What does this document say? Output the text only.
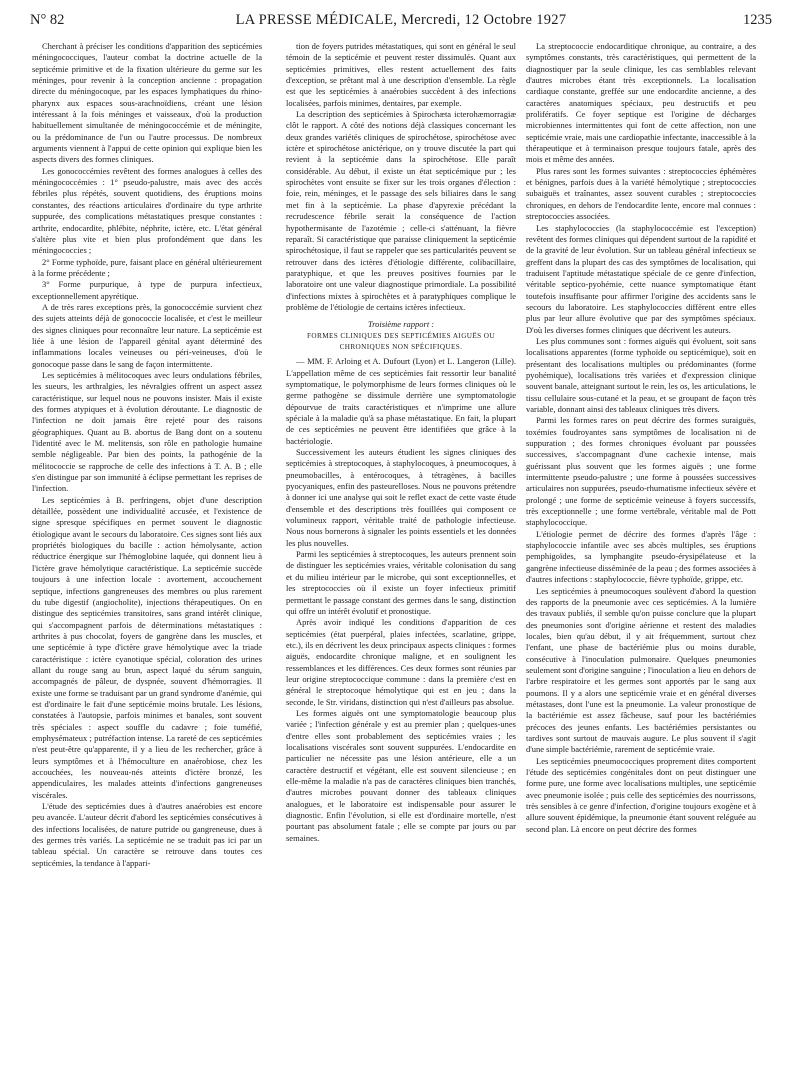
N° 82	LA PRESSE MÉDICALE, Mercredi, 12 Octobre 1927	1235

Cherchant à préciser les conditions d'apparition des septicémies méningococciques, l'auteur combat la doctrine actuelle de la septicémie primitive et de la fixation ultérieure du germe sur les méninges, pour revenir à la conception ancienne : propagation directe du méningocoque, par les espaces lymphatiques du rhino-pharynx aux espaces sous-arachnoïdiens, créant une lésion intéressant à la fois méninges et vaisseaux, d'où la production habituellement simultanée de méningococcémie et de méningite, ou la prédominance de l'un ou l'autre processus. De nombreux arguments viennent à l'appui de cette opinion qui explique bien les aspects divers des formes cliniques.

Les gonococcémies revêtent des formes analogues à celles des méningococcémies : 1° pseudo-palustre, mais avec des accès fébriles plus répétés, souvent quotidiens, des éruptions moins constantes, des réactions articulaires d'ordinaire du type arthrite suppurée, des complications métastatiques presque constantes : arthrite, endocardite, phlébite, néphrite, ictère, etc. L'état général s'altère plus vite et bien plus profondément que dans les méningococcies ;

2° Forme typhoïde, pure, faisant place en général ultérieurement à la forme précédente ;

3° Forme purpurique, à type de purpura infectieux, exceptionnellement apyrétique.

A de très rares exceptions près, la gonococcémie survient chez des sujets atteints déjà de gonococcie localisée, et c'est le meilleur des signes cliniques pour reconnaître leur nature. La septicémie est liée à une lésion de l'appareil génital ayant déterminé des inflammations locales veineuses ou péri-veineuses, d'où le gonocoque passe dans le sang de façon intermittente.

Les septicémies à mélitocoques avec leurs ondulations fébriles, les sueurs, les arthralgies, les névralgies offrent un aspect assez caractéristique, sur lequel nous ne pouvons insister. Mais il existe des formes atypiques et à évolution déroutante. Le diagnostic de l'infection ne doit jamais être rejeté pour des raisons géographiques. Quant au B. abortus de Bang dont on a soutenu l'identité avec le M. melitensis, son rôle en pathologie humaine semble négligeable. Par bien des points, la pathogénie de la mélitococcie se rapproche de celle des infections à T. A. B ; elle s'en distingue par son immunité à éclipse permettant les reprises de l'infection.

Les septicémies à B. perfringens, objet d'une description détaillée, possèdent une individualité accusée, et l'existence de signe spresque spécifiques en permet souvent le diagnostic étiologique avant le secours du laboratoire. Ces signes sont liés aux propriétés biologiques du bacille : action hémolysante, action réductrice énergique sur l'hémoglobine laquée, qui donnent lieu à l'ictère grave hémolytique caractéristique. La septicémie succède toujours à une infection locale : avortement, accouchement septique, infections gangreneuses des membres ou plus rarement du tube digestif (angiocholite), injections thérapeutiques. On en distingue des septicémies transitoires, sans grand intérêt clinique, qui s'accompagnent parfois de déterminations métastatiques : arthrites à pus chocolat, foyers de gangrène dans les muscles, et une septicémie à type d'ictère grave hémolytique avec la triade caractéristique : ictère cyanotique spécial, coloration des urines allant du rouge sang au brun, aspect laqué du sérum sanguin, accompagnés de pâleur, de dyspnée, souvent d'hémorragies. Il existe une forme se traduisant par un grand syndrome d'anémie, qui est d'ordinaire le fait d'une septicémie moins brutale. Les lésions, constatées à l'autopsie, parfois minimes et banales, sont souvent très spéciales : aspect souffle du cadavre ; foie tuméfié, emphysémateux ; putréfaction intense. La rareté de ces septicémies n'est peut-être qu'apparente, il y a lieu de les rechercher, grâce à leurs symptômes et à l'hémoculture en anaérobiose, chez les accouchées, les nouveau-nés atteints d'ictère bronzé, les appendiculaires, les malades atteints d'infections gangreneuses viscérales.

L'étude des septicémies dues à d'autres anaérobies est encore peu avancée. L'auteur décrit d'abord les septicémies consécutives à des infections localisées, de nature putride ou gangreneuse, dues à des germes très variés. La septicémie ne se traduit pas ici par un tableau spécial. Un caractère se retrouve dans toutes ces septicémies, la tendance à l'appari-

tion de foyers putrides métastatiques, qui sont en général le seul témoin de la septicémie et peuvent rester dissimulés. Quant aux septicémies primitives, elles restent actuellement des faits d'exception, se prêtant mal à une description d'ensemble. La règle est que les septicémies à anaérobies succèdent à des infections localisées, parfois minimes, dentaires, par exemple.

La description des septicémies à Spirochæta icterohæmorragiæ clôt le rapport. A côté des notions déjà classiques concernant les deux grandes variétés cliniques de spirochétose, spirochétose avec ictère et spirochétose anictérique, on y trouve discutée la part qui revient à la septicémie dans la spirochétose. Elle paraît considérable. Au début, il existe un état septicémique pur ; les spirochètes vont ensuite se fixer sur les trois organes d'élection : foie, rein, méninges, et le passage des sels biliaires dans le sang met fin à la septicémie. La phase d'apyrexie précédant la recrudescence fébrile serait la conséquence de l'action hypothermisante de l'azotémie ; celle-ci s'atténuant, la fièvre reparaît. Si caractéristique que paraisse cliniquement la septicémie spirochétosique, il faut se rappeler que ses particularités peuvent se retrouver dans des ictères d'étiologie différente, colibacillaire, paratyphique, et que les preuves positives fournies par le laboratoire ont une valeur diagnostique primordiale. La possibilité d'infections mixtes à spirochètes et à paratyphiques complique le problème de l'étiologie de certains ictères infectieux.

Troisième rapport :

FORMES CLINIQUES DES SEPTICÉMIES AIGUËS OU CHRONIQUES NON SPÉCIFIQUES.

— MM. F. Arloing et A. Dufourt (Lyon) et L. Langeron (Lille). L'appellation même de ces septicémies fait ressortir leur banalité symptomatique, le polymorphisme de leurs formes cliniques où le germe pathogène se dissimule derrière une symptomatologie dépourvue de traits caractéristiques et n'imprime une allure spéciale à la maladie qu'à sa phase métastatique. En fait, la plupart de ces septicémies ne peuvent être identifiées que grâce à la bactériologie.

Successivement les auteurs étudient les signes cliniques des septicémies à streptocoques, à staphylocoques, à pneumocoques, à pneumobacilles, à entérocoques, à tétragènes, à bacilles pyocyaniques, enfin des pasteurelloses. Nous ne pouvons prétendre à donner ici une analyse qui soit le reflet exact de cette vaste étude d'ensemble et des descriptions très fouillées qui composent ce volumineux rapport, véritable traité de pathologie infectieuse. Nous nous bornerons à signaler les points essentiels et les données les plus nouvelles.

Parmi les septicémies à streptocoques, les auteurs prennent soin de distinguer les septicémies vraies, véritable colonisation du sang et du milieu intérieur par le microbe, qui sont exceptionnelles, et les streptococcies où il existe un foyer infectieux primitif permettant le passage constant des germes dans le sang, distinction qui offre un intérêt évolutif et pronostique.

Après avoir indiqué les conditions d'apparition de ces septicémies (état puerpéral, plaies infectées, scarlatine, grippe, etc.), ils en décrivent les deux principaux aspects cliniques : formes aiguës, endocardite chronique maligne, et en soulignent les ressemblances et les différences. Ces deux formes sont réunies par leur origine streptococcique commune : dans la première c'est en général le streptocoque hémolytique qui est en jeu ; dans la seconde, le Str. viridans, distinction qui n'est d'ailleurs pas absolue.

Les formes aiguës ont une symptomatologie beaucoup plus variée ; l'infection générale y est au premier plan ; quelques-unes d'entre elles sont probablement des septicémies vraies ; les localisations viscérales sont souvent suppurées. L'endocardite en particulier ne nécessite pas une lésion antérieure, elle a un caractère destructif et végétant, elle est souvent silencieuse ; en elle-même la maladie n'a pas de caractères cliniques bien tranchés, d'autres microbes pouvant donner des tableaux cliniques analogues, et le laboratoire est indispensable pour assurer le diagnostic. Enfin l'évolution, si elle est d'ordinaire mortelle, n'est pourtant pas absolument fatale ; elle se compte par jours ou par semaines.

La streptococcie endocarditique chronique, au contraire, a des symptômes constants, très caractéristiques, qui permettent de la diagnostiquer par la seule clinique, les cas semblables relevant d'autres microbes étant très exceptionnels. La localisation cardiaque constante, greffée sur une endocardite ancienne, a des caractères anatomiques spéciaux, peu destructifs et peu prolifératifs. Ce foyer septique est l'origine de décharges microbiennes intermittentes qui font de cette affection, non une septicémie vraie, mais une cardiopathie infectante, inaccessible à la thérapeutique et à terminaison presque toujours fatale, après des mois et même des années.

Plus rares sont les formes suivantes : streptococcies éphémères et bénignes, parfois dues à la variété hémolytique ; streptococcies subaiguës et traînantes, assez souvent curables ; streptococcies chroniques, en dehors de l'endocardite lente, encore mal connues : streptococcies associées.

Les staphylococcies (la staphylococcémie est l'exception) revêtent des formes cliniques qui dépendent surtout de la rapidité et de la gravité de leur évolution. Sur un tableau général infectieux se greffent dans la plupart des cas des symptômes de localisation, qui traduisent l'aptitude métastatique spéciale de ce genre d'infection, véritable septico-pyohémie, cette nuance symptomatique étant toutefois insuffisante pour affirmer l'origine des accidents sans le secours du laboratoire. Les staphylococcies diffèrent entre elles plus par leur allure évolutive que par des symptômes spéciaux. D'où les diverses formes cliniques que décrivent les auteurs.

Les plus communes sont : formes aiguës qui évoluent, soit sans localisations apparentes (forme typhoïde ou septicémique), soit en présentant des localisations multiples ou prédominantes (forme pyohémique), localisations très variées et d'expression clinique souvent banale, atteignant surtout le rein, les os, les articulations, le tissu cellulaire sous-cutané et la peau, et se groupant de façon très variable, donnant ainsi des tableaux cliniques très divers.

Parmi les formes rares on peut décrire des formes suraiguës, toxémies foudroyantes sans symptômes de localisation ni de suppuration ; des formes chroniques évoluant par poussées successives, s'accompagnant d'une cachexie intense, mais guérissant plus souvent que les formes aiguës ; une forme intermittente pseudo-palustre ; une forme à poussées successives articulaires non suppurées, pseudo-rhumatisme infectieux sévère et prolongé ; une forme de septicémie veineuse à foyers successifs, très exceptionnelle ; une forme vertébrale, véritable mal de Pott staphylococcique.

L'étiologie permet de décrire des formes d'après l'âge : staphylococcie infantile avec ses abcès multiples, ses éruptions pemphigoïdes, sa lymphangite pseudo-érysipélateuse et la gangrène infectieuse disséminée de la peau ; des formes associées à d'autres infections : staphylococcie, fièvre typhoïde, grippe, etc.

Les septicémies à pneumocoques soulèvent d'abord la question des rapports de la pneumonie avec ces septicémies. A la lumière des travaux publiés, il semble qu'on puisse conclure que la plupart des pneumonies sont d'origine aérienne et restent des maladies locales, bien qu'au début, il y ait fréquemment, surtout chez l'enfant, une phase de bactériémie plus ou moins durable, consécutive à l'inoculation pulmonaire. Quelques pneumonies seulement sont d'origine sanguine ; l'inoculation a lieu en dehors de l'arbre respiratoire et les germes sont apportés par le sang aux poumons. Il y a alors une septicémie vraie et en général diverses métastases, dont l'une est la pneumonie. La valeur pronostique de la bactériémie est assez fâcheuse, sauf pour les bactériémies précoces des jeunes enfants. Les bactériémies persistantes ou tardives sont surtout de mauvais augure. Le plus souvent il s'agit d'une simple bactériémie, rarement de septicémie vraie.

Les septicémies pneumococciques proprement dites comportent l'étude des septicémies congénitales dont on peut distinguer une forme pure, une forme avec localisations multiples, une septicémie avec pneumonie isolée ; puis celle des septicémies des nourrissons, très sensibles à ce genre d'infection, d'origine toujours exogène et à allure souvent épidémique, la pneumonie étant souvent reléguée au second plan. Là encore on peut décrire des formes
